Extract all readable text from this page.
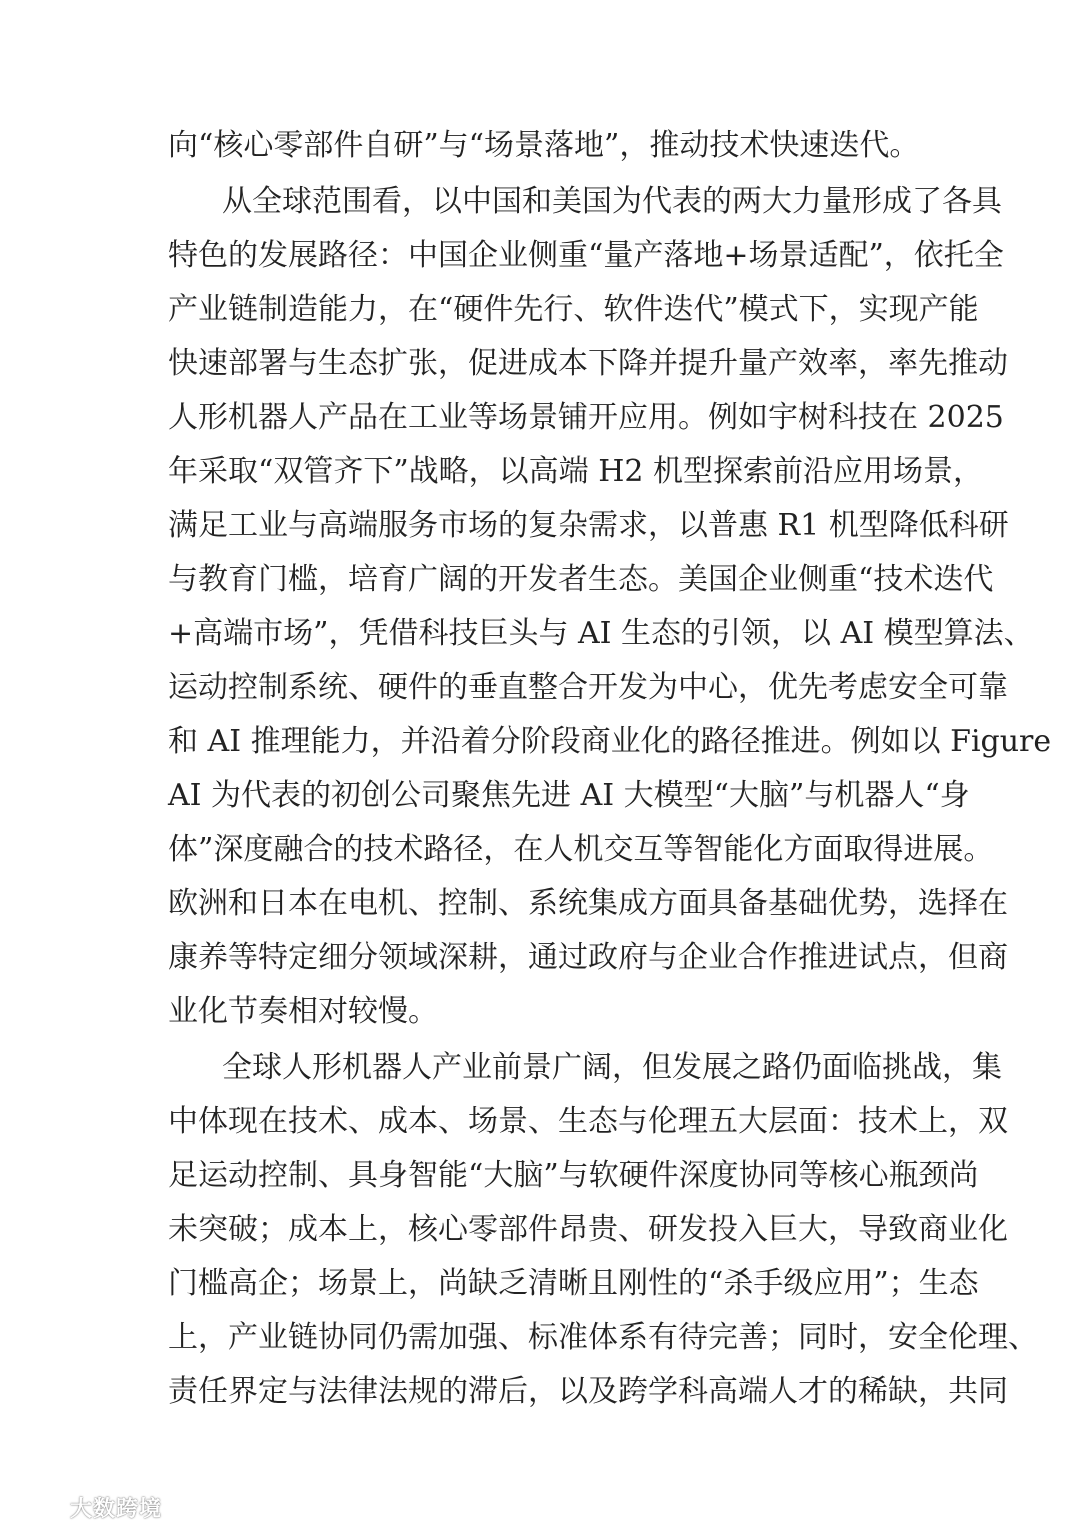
向“核心零部件自研”与“场景落地”，推动技术快速迭代。
从全球范围看，以中国和美国为代表的两大力量形成了各具
特色的发展路径：中国企业侧重“量产落地+场景适配”，依托全
产业链制造能力，在“硬件先行、软件迭代”模式下，实现产能
快速部署与生态扩张，促进成本下降并提升量产效率，率先推动
人形机器人产品在工业等场景铺开应用。例如宇树科技在 2025
年采取“双管齐下”战略，以高端 H2 机型探索前沿应用场景，
满足工业与高端服务市场的复杂需求，以普惠 R1 机型降低科研
与教育门槛，培育广阔的开发者生态。美国企业侧重“技术迭代
+高端市场”，凭借科技巨头与 AI 生态的引领，以 AI 模型算法、
运动控制系统、硬件的垂直整合开发为中心，优先考虑安全可靠
和 AI 推理能力，并沿着分阶段商业化的路径推进。例如以 Figure
AI 为代表的初创公司聚焦先进 AI 大模型“大脑”与机器人“身
体”深度融合的技术路径，在人机交互等智能化方面取得进展。
欧洲和日本在电机、控制、系统集成方面具备基础优势，选择在
康养等特定细分领域深耕，通过政府与企业合作推进试点，但商
业化节奏相对较慢。
全球人形机器人产业前景广阔，但发展之路仍面临挑战，集
中体现在技术、成本、场景、生态与伦理五大层面：技术上，双
足运动控制、具身智能“大脑”与软硬件深度协同等核心瓶颈尚
未突破；成本上，核心零部件昂贵、研发投入巨大，导致商业化
门槛高企；场景上，尚缺乏清晰且刚性的“杀手级应用”；生态
上，产业链协同仍需加强、标准体系有待完善；同时，安全伦理、
责任界定与法律法规的滞后，以及跨学科高端人才的稀缺，共同
大数跨境
